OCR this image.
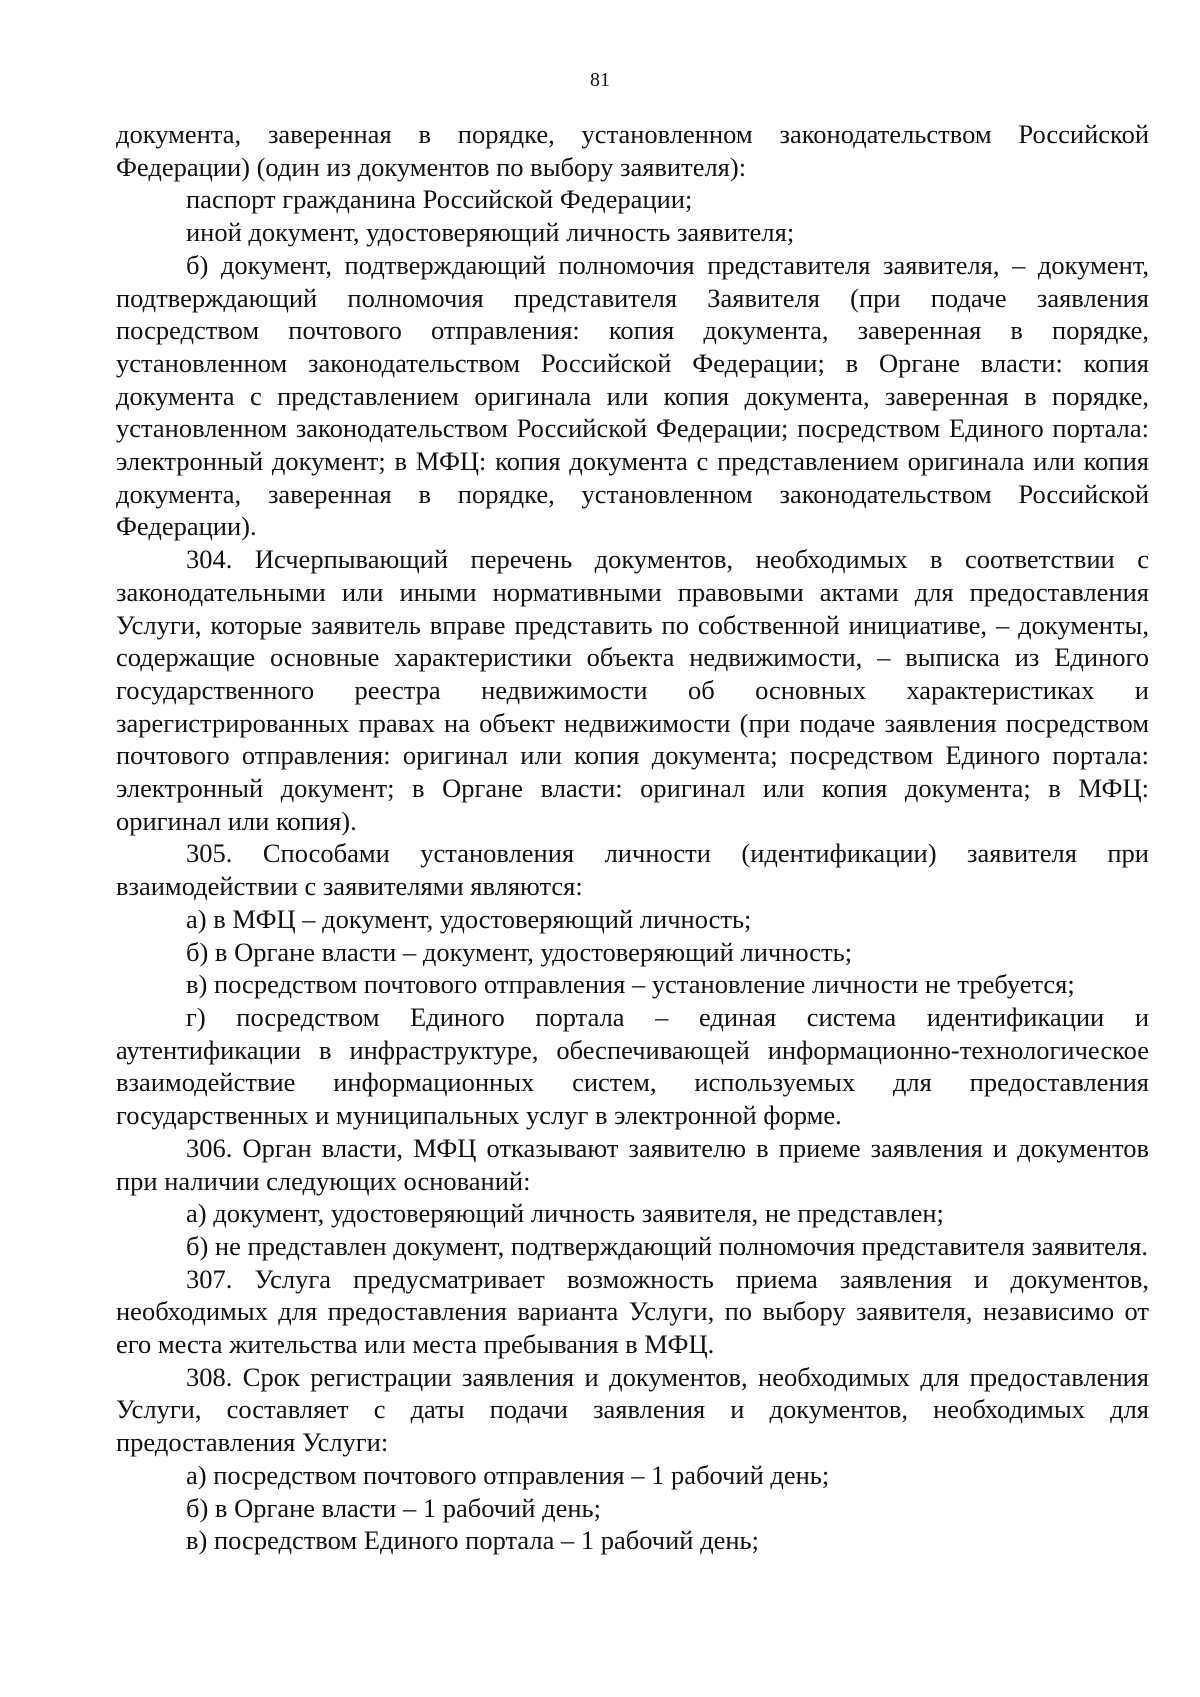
81

документа, заверенная в порядке, установленном законодательством Российской Федерации) (один из документов по выбору заявителя):

паспорт гражданина Российской Федерации;

иной документ, удостоверяющий личность заявителя;

б) документ, подтверждающий полномочия представителя заявителя, – документ, подтверждающий полномочия представителя Заявителя (при подаче заявления посредством почтового отправления: копия документа, заверенная в порядке, установленном законодательством Российской Федерации; в Органе власти: копия документа с представлением оригинала или копия документа, заверенная в порядке, установленном законодательством Российской Федерации; посредством Единого портала: электронный документ; в МФЦ: копия документа с представлением оригинала или копия документа, заверенная в порядке, установленном законодательством Российской Федерации).

304. Исчерпывающий перечень документов, необходимых в соответствии с законодательными или иными нормативными правовыми актами для предоставления Услуги, которые заявитель вправе представить по собственной инициативе, – документы, содержащие основные характеристики объекта недвижимости, – выписка из Единого государственного реестра недвижимости об основных характеристиках и зарегистрированных правах на объект недвижимости (при подаче заявления посредством почтового отправления: оригинал или копия документа; посредством Единого портала: электронный документ; в Органе власти: оригинал или копия документа; в МФЦ: оригинал или копия).

305. Способами установления личности (идентификации) заявителя при взаимодействии с заявителями являются:

а) в МФЦ – документ, удостоверяющий личность;

б) в Органе власти – документ, удостоверяющий личность;

в) посредством почтового отправления – установление личности не требуется;

г) посредством Единого портала – единая система идентификации и аутентификации в инфраструктуре, обеспечивающей информационно-технологическое взаимодействие информационных систем, используемых для предоставления государственных и муниципальных услуг в электронной форме.

306. Орган власти, МФЦ отказывают заявителю в приеме заявления и документов при наличии следующих оснований:

а) документ, удостоверяющий личность заявителя, не представлен;

б) не представлен документ, подтверждающий полномочия представителя заявителя.

307. Услуга предусматривает возможность приема заявления и документов, необходимых для предоставления варианта Услуги, по выбору заявителя, независимо от его места жительства или места пребывания в МФЦ.

308. Срок регистрации заявления и документов, необходимых для предоставления Услуги, составляет с даты подачи заявления и документов, необходимых для предоставления Услуги:

а) посредством почтового отправления – 1 рабочий день;

б) в Органе власти – 1 рабочий день;

в) посредством Единого портала – 1 рабочий день;
